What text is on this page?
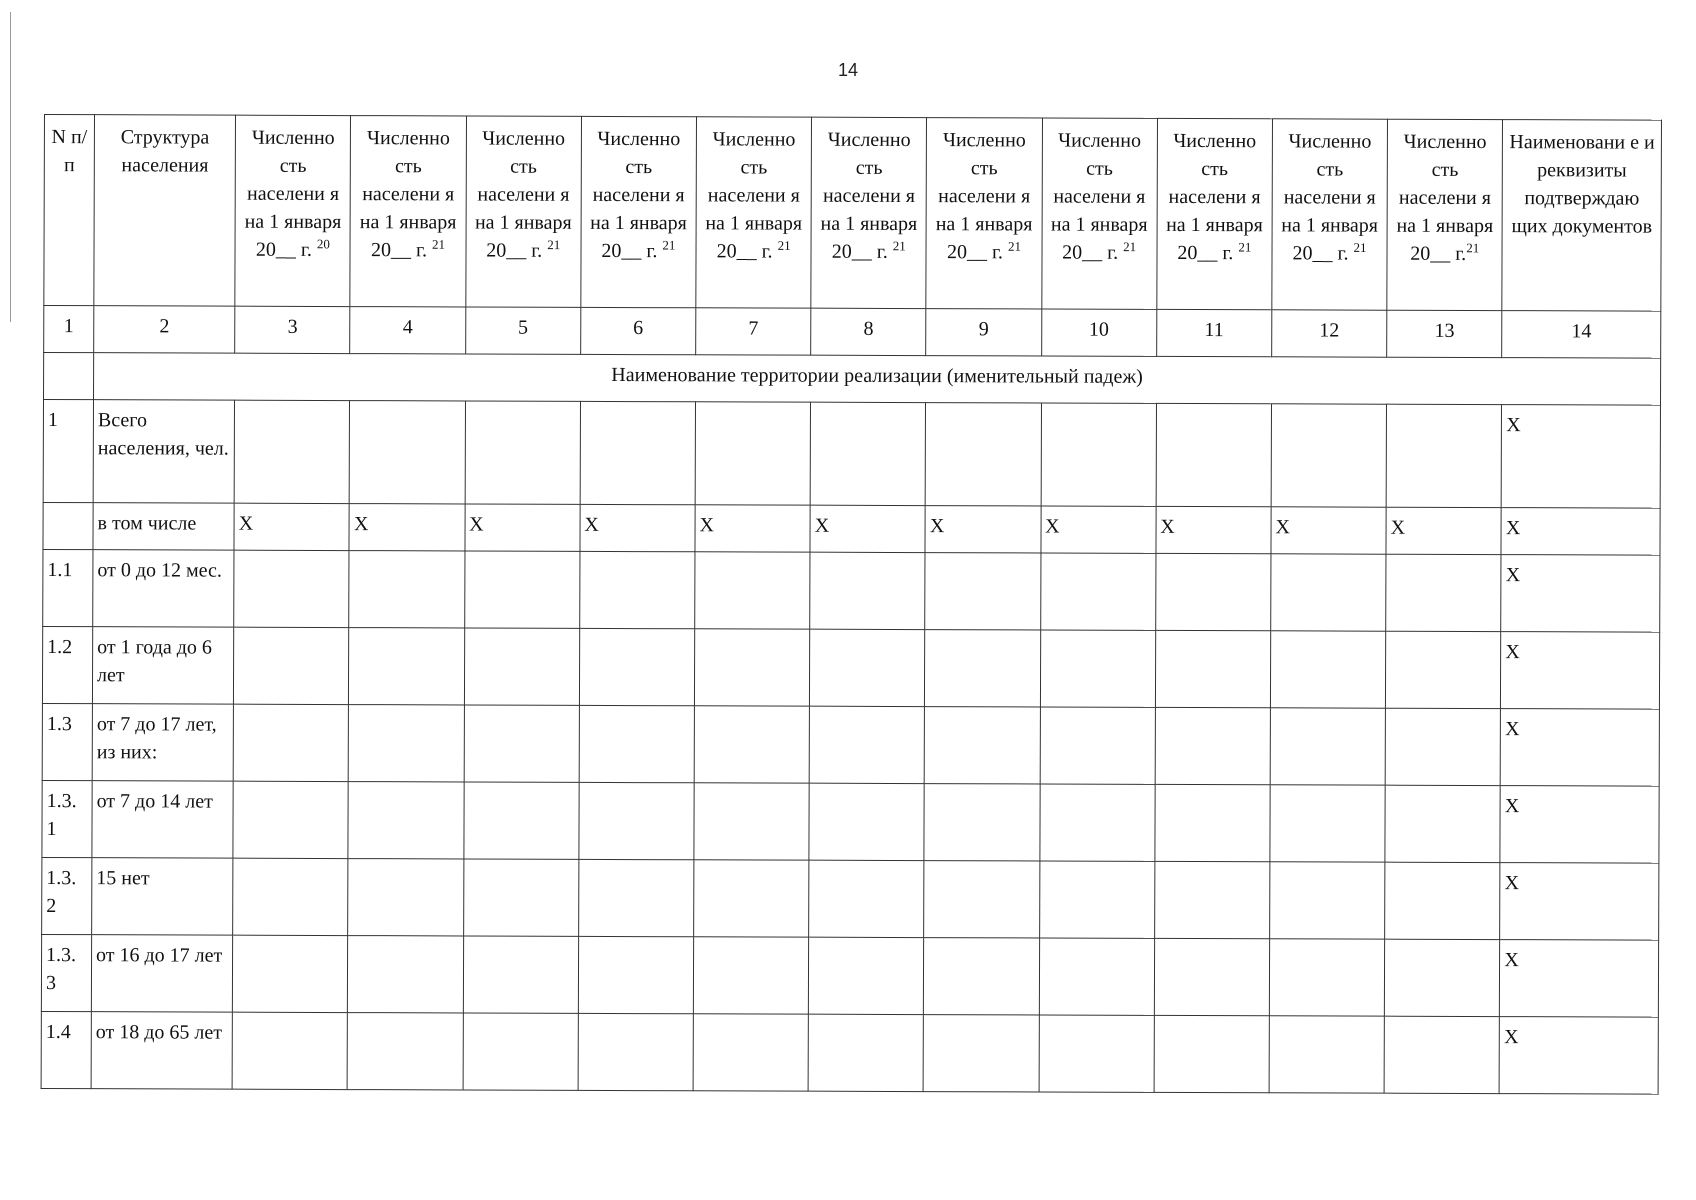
14
N п/п	Структура населения	Численно сть населени я на 1 января 20__ г. $^{20}$	Численно сть населени я на 1 января 20__ г. $^{21}$	Численно сть населени я на 1 января 20__ г. $^{21}$	Численно сть населени я на 1 января 20__ г. $^{21}$	Численно сть населени я на 1 января 20__ г. $^{21}$	Численно сть населени я на 1 января 20__ г. $^{21}$	Численно сть населени я на 1 января 20__ г. $^{21}$	Численно сть населени я на 1 января 20__ г. $^{21}$	Численно сть населени я на 1 января 20__ г. $^{21}$	Численно сть населени я на 1 января 20__ г. $^{21}$	Численно сть населени я на 1 января 20__ г.$^{21}$	Наименовани е и реквизиты подтверждаю щих документов
1	2	3	4	5	6	7	8	9	10	11	12	13	14
	Наименование территории реализации (именительный падеж)												
1	Всего населения, чел.												X
	в том числе	X	X	X	X	X	X	X	X	X	X	X	X
1.1	от 0 до 12 мес.												X
1.2	от 1 года до 6 лет												X
1.3	от 7 до 17 лет, из них:												X
1.3. 1	от 7 до 14 лет												X
1.3. 2	15 нет												X
1.3. 3	от 16 до 17 лет												X
1.4	от 18 до 65 лет												X
